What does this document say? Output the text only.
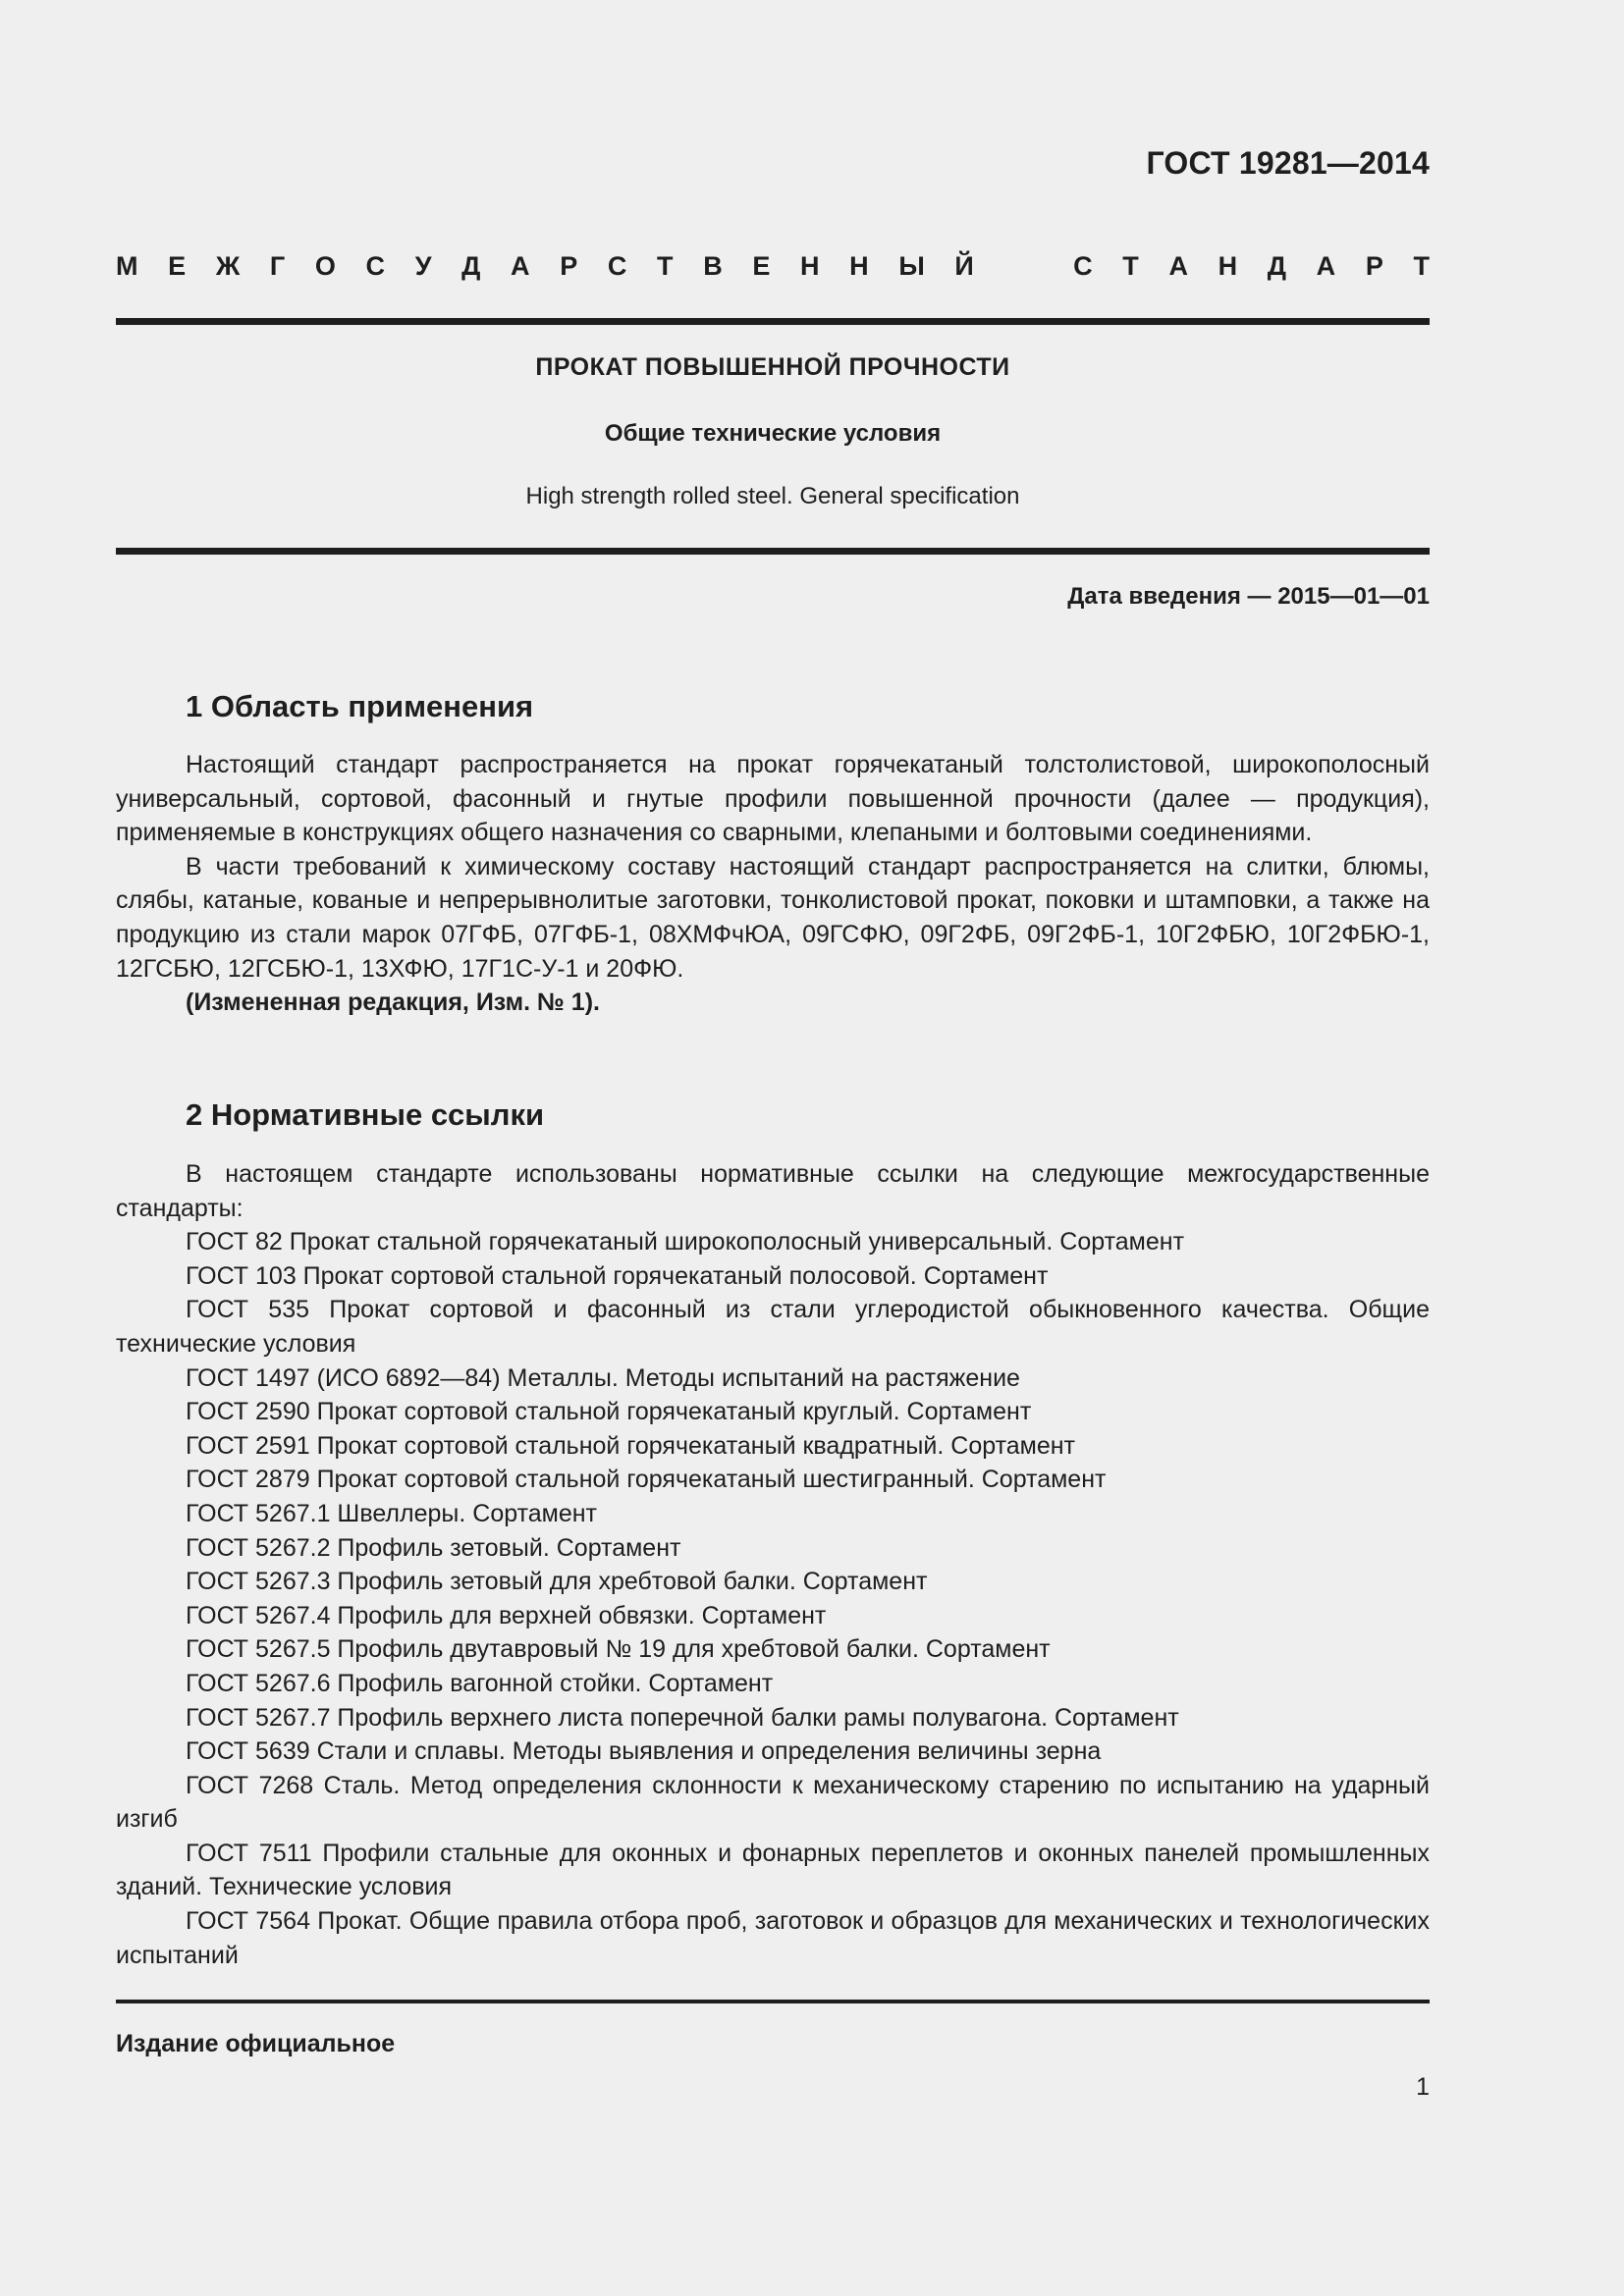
ГОСТ 19281—2014
М Е Ж Г О С У Д А Р С Т В Е Н Н Ы Й	С Т А Н Д А Р Т
ПРОКАТ ПОВЫШЕННОЙ ПРОЧНОСТИ
Общие технические условия
High strength rolled steel. General specification
Дата введения — 2015—01—01
1 Область применения

Настоящий стандарт распространяется на прокат горячекатаный толстолистовой, широкополосный универсальный, сортовой, фасонный и гнутые профили повышенной прочности (далее — продукция), применяемые в конструкциях общего назначения со сварными, клепаными и болтовыми соединениями.

В части требований к химическому составу настоящий стандарт распространяется на слитки, блюмы, слябы, катаные, кованые и непрерывнолитые заготовки, тонколистовой прокат, поковки и штамповки, а также на продукцию из стали марок 07ГФБ, 07ГФБ-1, 08ХМФчЮА, 09ГСФЮ, 09Г2ФБ, 09Г2ФБ-1, 10Г2ФБЮ, 10Г2ФБЮ-1, 12ГСБЮ, 12ГСБЮ-1, 13ХФЮ, 17Г1С-У-1 и 20ФЮ.

(Измененная редакция, Изм. № 1).

2 Нормативные ссылки

В настоящем стандарте использованы нормативные ссылки на следующие межгосударственные стандарты:

ГОСТ 82 Прокат стальной горячекатаный широкополосный универсальный. Сортамент

ГОСТ 103 Прокат сортовой стальной горячекатаный полосовой. Сортамент

ГОСТ 535 Прокат сортовой и фасонный из стали углеродистой обыкновенного качества. Общие технические условия

ГОСТ 1497 (ИСО 6892—84) Металлы. Методы испытаний на растяжение

ГОСТ 2590 Прокат сортовой стальной горячекатаный круглый. Сортамент

ГОСТ 2591 Прокат сортовой стальной горячекатаный квадратный. Сортамент

ГОСТ 2879 Прокат сортовой стальной горячекатаный шестигранный. Сортамент

ГОСТ 5267.1 Швеллеры. Сортамент

ГОСТ 5267.2 Профиль зетовый. Сортамент

ГОСТ 5267.3 Профиль зетовый для хребтовой балки. Сортамент

ГОСТ 5267.4 Профиль для верхней обвязки. Сортамент

ГОСТ 5267.5 Профиль двутавровый № 19 для хребтовой балки. Сортамент

ГОСТ 5267.6 Профиль вагонной стойки. Сортамент

ГОСТ 5267.7 Профиль верхнего листа поперечной балки рамы полувагона. Сортамент

ГОСТ 5639 Стали и сплавы. Методы выявления и определения величины зерна

ГОСТ 7268 Сталь. Метод определения склонности к механическому старению по испытанию на ударный изгиб

ГОСТ 7511 Профили стальные для оконных и фонарных переплетов и оконных панелей промышленных зданий. Технические условия

ГОСТ 7564 Прокат. Общие правила отбора проб, заготовок и образцов для механических и технологических испытаний

Издание официальное
1
